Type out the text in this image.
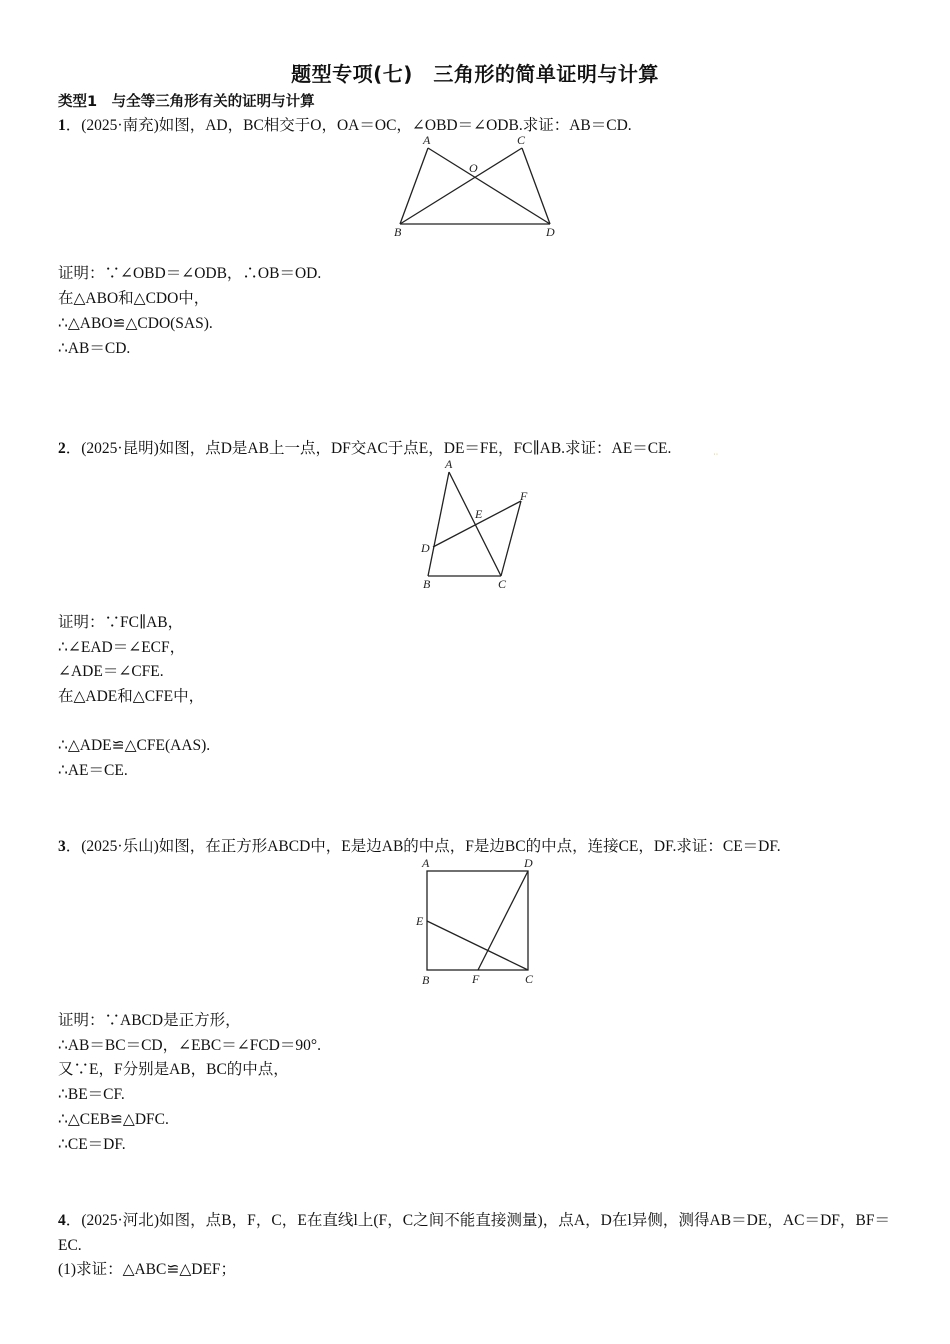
题型专项(七)　三角形的简单证明与计算
类型1　与全等三角形有关的证明与计算
1．(2025·南充)如图，AD，BC相交于O，OA＝OC，∠OBD＝∠ODB.求证：AB＝CD.
A	C
O
B	D
证明：∵∠OBD＝∠ODB，∴OB＝OD.
在△ABO和△CDO中，
∴△ABO≌△CDO(SAS).
∴AB＝CD.
2．(2025·昆明)如图，点D是AB上一点，DF交AC于点E，DE＝FE，FC∥AB.求证：AE＝CE.	˙˙
A
F
E
D
B	C
证明：∵FC∥AB，
∴∠EAD＝∠ECF，
∠ADE＝∠CFE.
在△ADE和△CFE中，
∴△ADE≌△CFE(AAS).
∴AE＝CE.
3．(2025·乐山)如图，在正方形ABCD中，E是边AB的中点，F是边BC的中点，连接CE，DF.求证：CE＝DF.
A	D
E
B	F	C
证明：∵ABCD是正方形，
∴AB＝BC＝CD，∠EBC＝∠FCD＝90°.
又∵E，F分别是AB，BC的中点，
∴BE＝CF.
∴△CEB≌△DFC.
∴CE＝DF.
4．(2025·河北)如图，点B，F，C，E在直线l上(F，C之间不能直接测量)，点A，D在l异侧，测得AB＝DE，AC＝DF，BF＝EC.
(1)求证：△ABC≌△DEF；
